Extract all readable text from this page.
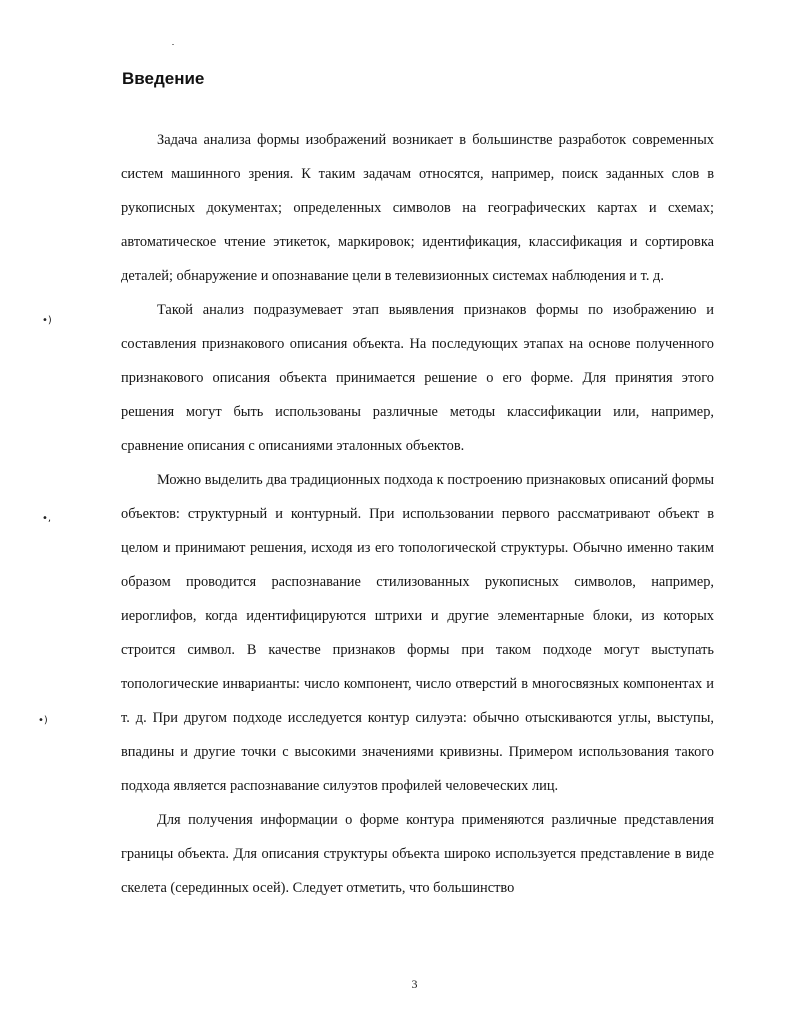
Введение

Задача анализа формы изображений возникает в большинстве разработок современных систем машинного зрения. К таким задачам относятся, например, поиск заданных слов в рукописных документах; определенных символов на географических картах и схемах; автоматическое чтение этикеток, маркировок; идентификация, классификация и сортировка деталей; обнаружение и опознавание цели в телевизионных системах наблюдения и т. д.

Такой анализ подразумевает этап выявления признаков формы по изображению и составления признакового описания объекта. На последующих этапах на основе полученного признакового описания объекта принимается решение о его форме. Для принятия этого решения могут быть использованы различные методы классификации или, например, сравнение описания с описаниями эталонных объектов.

Можно выделить два традиционных подхода к построению признаковых описаний формы объектов: структурный и контурный. При использовании первого рассматривают объект в целом и принимают решения, исходя из его топологической структуры. Обычно именно таким образом проводится распознавание стилизованных рукописных символов, например, иероглифов, когда идентифицируются штрихи и другие элементарные блоки, из которых строится символ. В качестве признаков формы при таком подходе могут выступать топологические инварианты: число компонент, число отверстий в многосвязных компонентах и т. д. При другом подходе исследуется контур силуэта: обычно отыскиваются углы, выступы, впадины и другие точки с высокими значениями кривизны. Примером использования такого подхода является распознавание силуэтов профилей человеческих лиц.

Для получения информации о форме контура применяются различные представления границы объекта. Для описания структуры объекта широко используется представление в виде скелета (серединных осей). Следует отметить, что большинство

•)
•,
•)
3
